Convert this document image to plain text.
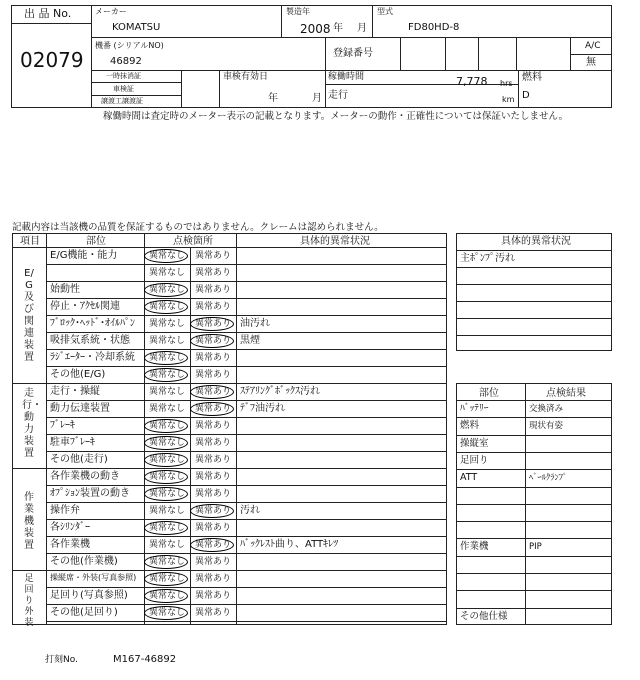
出 品 No.
02079
メーカー
KOMATSU
製造年
2008 年 月
型式
FD80HD-8
機番 (シリアルNO)
46892
登録番号
A/C
無
一時抹消証
車検証
譲渡工譲渡証
車検有効日
年	月
稼働時間	7,778 hrs
走行	km
燃料
D
稼働時間は査定時のメーター表示の記載となります。メーターの動作・正確性については保証いたしません。
記載内容は当該機の品質を保証するものではありません。クレームは認められません。
項目	部位	点検箇所	具体的異常状況
E/G及び関連装置
走行・動力装置
作業機装置
足回り外装
E/G機能・能力	異常なし 異常あり
異常なし 異常あり
始動性	異常なし 異常あり
停止・ｱｸｾﾙ関連	異常なし 異常あり
ﾌﾞﾛｯｸ･ﾍｯﾄﾞ･ｵｲﾙﾊﾟﾝ 異常なし 異常あり 油汚れ
吸排気系統・状態 異常なし 異常あり 黒煙
ﾗｼﾞｴｰﾀｰ・冷却系統 異常なし 異常あり
その他(E/G)	異常なし 異常あり
走行・操縦	異常なし 異常あり ｽﾃｱﾘﾝｸﾞﾎﾞｯｸｽ汚れ
動力伝達装置	異常なし 異常あり ﾃﾞﾌ油汚れ
ﾌﾞﾚｰｷ	異常なし 異常あり
駐車ﾌﾞﾚｰｷ	異常なし 異常あり
その他(走行)	異常なし 異常あり
各作業機の動き	異常なし 異常あり
ｵﾌﾟｼｮﾝ装置の動き 異常なし 異常あり
操作弁	異常なし 異常あり 汚れ
各ｼﾘﾝﾀﾞｰ	異常なし 異常あり
各作業機	異常なし 異常あり ﾊﾞｯｸﾚｽﾄ曲り、ATTｷﾚﾂ
その他(作業機)	異常なし 異常あり
操縦席・外装(写真参照) 異常なし 異常あり
足回り(写真参照) 異常なし 異常あり
その他(足回り)	異常なし 異常あり
具体的異常状況
主ﾎﾟﾝﾌﾟ汚れ
部位	点検結果
ﾊﾞｯﾃﾘｰ	交換済み
燃料	現状有姿
操縦室
足回り
ATT	ﾍﾞｰﾙｸﾗﾝﾌﾟ
作業機	PIP
その他仕様
打刻No.	M167-46892
